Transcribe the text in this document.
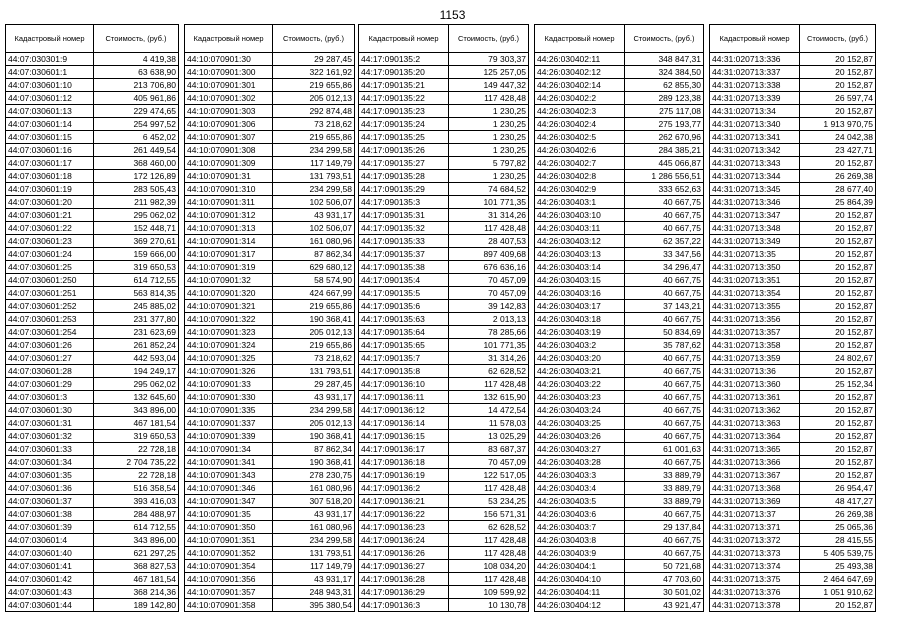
1153
Кадастровый номер	Стоимость, (руб.)
44:07:030301:9	4 419,38
44:07:030601:1	63 638,90
44:07:030601:10	213 706,80
44:07:030601:12	405 961,86
44:07:030601:13	229 474,65
44:07:030601:14	254 997,52
44:07:030601:15	6 452,02
44:07:030601:16	261 449,54
44:07:030601:17	368 460,00
44:07:030601:18	172 126,89
44:07:030601:19	283 505,43
44:07:030601:20	211 982,39
44:07:030601:21	295 062,02
44:07:030601:22	152 448,71
44:07:030601:23	369 270,61
44:07:030601:24	159 666,00
44:07:030601:25	319 650,53
44:07:030601:250	614 712,55
44:07:030601:251	563 814,35
44:07:030601:252	245 885,02
44:07:030601:253	231 377,80
44:07:030601:254	231 623,69
44:07:030601:26	261 852,24
44:07:030601:27	442 593,04
44:07:030601:28	194 249,17
44:07:030601:29	295 062,02
44:07:030601:3	132 645,60
44:07:030601:30	343 896,00
44:07:030601:31	467 181,54
44:07:030601:32	319 650,53
44:07:030601:33	22 728,18
44:07:030601:34	2 704 735,22
44:07:030601:35	22 728,18
44:07:030601:36	516 358,54
44:07:030601:37	393 416,03
44:07:030601:38	284 488,97
44:07:030601:39	614 712,55
44:07:030601:4	343 896,00
44:07:030601:40	621 297,25
44:07:030601:41	368 827,53
44:07:030601:42	467 181,54
44:07:030601:43	368 214,36
44:07:030601:44	189 142,80
Кадастровый номер	Стоимость, (руб.)
44:10:070901:30	29 287,45
44:10:070901:300	322 161,92
44:10:070901:301	219 655,86
44:10:070901:302	205 012,13
44:10:070901:303	292 874,48
44:10:070901:306	73 218,62
44:10:070901:307	219 655,86
44:10:070901:308	234 299,58
44:10:070901:309	117 149,79
44:10:070901:31	131 793,51
44:10:070901:310	234 299,58
44:10:070901:311	102 506,07
44:10:070901:312	43 931,17
44:10:070901:313	102 506,07
44:10:070901:314	161 080,96
44:10:070901:317	87 862,34
44:10:070901:319	629 680,12
44:10:070901:32	58 574,90
44:10:070901:320	424 667,99
44:10:070901:321	219 655,86
44:10:070901:322	190 368,41
44:10:070901:323	205 012,13
44:10:070901:324	219 655,86
44:10:070901:325	73 218,62
44:10:070901:326	131 793,51
44:10:070901:33	29 287,45
44:10:070901:330	43 931,17
44:10:070901:335	234 299,58
44:10:070901:337	205 012,13
44:10:070901:339	190 368,41
44:10:070901:34	87 862,34
44:10:070901:341	190 368,41
44:10:070901:343	278 230,75
44:10:070901:346	161 080,96
44:10:070901:347	307 518,20
44:10:070901:35	43 931,17
44:10:070901:350	161 080,96
44:10:070901:351	234 299,58
44:10:070901:352	131 793,51
44:10:070901:354	117 149,79
44:10:070901:356	43 931,17
44:10:070901:357	248 943,31
44:10:070901:358	395 380,54
Кадастровый номер	Стоимость, (руб.)
44:17:090135:2	79 303,37
44:17:090135:20	125 257,05
44:17:090135:21	149 447,32
44:17:090135:22	117 428,48
44:17:090135:23	1 230,25
44:17:090135:24	1 230,25
44:17:090135:25	1 230,25
44:17:090135:26	1 230,25
44:17:090135:27	5 797,82
44:17:090135:28	1 230,25
44:17:090135:29	74 684,52
44:17:090135:3	101 771,35
44:17:090135:31	31 314,26
44:17:090135:32	117 428,48
44:17:090135:33	28 407,53
44:17:090135:37	897 409,68
44:17:090135:38	676 636,16
44:17:090135:4	70 457,09
44:17:090135:5	70 457,09
44:17:090135:6	39 142,83
44:17:090135:63	2 013,13
44:17:090135:64	78 285,66
44:17:090135:65	101 771,35
44:17:090135:7	31 314,26
44:17:090135:8	62 628,52
44:17:090136:10	117 428,48
44:17:090136:11	132 615,90
44:17:090136:12	14 472,54
44:17:090136:14	11 578,03
44:17:090136:15	13 025,29
44:17:090136:17	83 687,37
44:17:090136:18	70 457,09
44:17:090136:19	122 517,05
44:17:090136:2	117 428,48
44:17:090136:21	53 234,25
44:17:090136:22	156 571,31
44:17:090136:23	62 628,52
44:17:090136:24	117 428,48
44:17:090136:26	117 428,48
44:17:090136:27	108 034,20
44:17:090136:28	117 428,48
44:17:090136:29	109 599,92
44:17:090136:3	10 130,78
Кадастровый номер	Стоимость, (руб.)
44:26:030402:11	348 847,31
44:26:030402:12	324 384,50
44:26:030402:14	62 855,30
44:26:030402:2	289 123,38
44:26:030402:3	275 117,08
44:26:030402:4	275 193,77
44:26:030402:5	262 670,96
44:26:030402:6	284 385,21
44:26:030402:7	445 066,87
44:26:030402:8	1 286 556,51
44:26:030402:9	333 652,63
44:26:030403:1	40 667,75
44:26:030403:10	40 667,75
44:26:030403:11	40 667,75
44:26:030403:12	62 357,22
44:26:030403:13	33 347,56
44:26:030403:14	34 296,47
44:26:030403:15	40 667,75
44:26:030403:16	40 667,75
44:26:030403:17	37 143,21
44:26:030403:18	40 667,75
44:26:030403:19	50 834,69
44:26:030403:2	35 787,62
44:26:030403:20	40 667,75
44:26:030403:21	40 667,75
44:26:030403:22	40 667,75
44:26:030403:23	40 667,75
44:26:030403:24	40 667,75
44:26:030403:25	40 667,75
44:26:030403:26	40 667,75
44:26:030403:27	61 001,63
44:26:030403:28	40 667,75
44:26:030403:3	33 889,79
44:26:030403:4	33 889,79
44:26:030403:5	33 889,79
44:26:030403:6	40 667,75
44:26:030403:7	29 137,84
44:26:030403:8	40 667,75
44:26:030403:9	40 667,75
44:26:030404:1	50 721,68
44:26:030404:10	47 703,60
44:26:030404:11	30 501,02
44:26:030404:12	43 921,47
Кадастровый номер	Стоимость, (руб.)
44:31:020713:336	20 152,87
44:31:020713:337	20 152,87
44:31:020713:338	20 152,87
44:31:020713:339	26 597,74
44:31:020713:34	20 152,87
44:31:020713:340	1 913 970,75
44:31:020713:341	24 042,38
44:31:020713:342	23 427,71
44:31:020713:343	20 152,87
44:31:020713:344	26 269,38
44:31:020713:345	28 677,40
44:31:020713:346	25 864,39
44:31:020713:347	20 152,87
44:31:020713:348	20 152,87
44:31:020713:349	20 152,87
44:31:020713:35	20 152,87
44:31:020713:350	20 152,87
44:31:020713:351	20 152,87
44:31:020713:354	20 152,87
44:31:020713:355	20 152,87
44:31:020713:356	20 152,87
44:31:020713:357	20 152,87
44:31:020713:358	20 152,87
44:31:020713:359	24 802,67
44:31:020713:36	20 152,87
44:31:020713:360	25 152,34
44:31:020713:361	20 152,87
44:31:020713:362	20 152,87
44:31:020713:363	20 152,87
44:31:020713:364	20 152,87
44:31:020713:365	20 152,87
44:31:020713:366	20 152,87
44:31:020713:367	20 152,87
44:31:020713:368	26 954,47
44:31:020713:369	48 417,27
44:31:020713:37	26 269,38
44:31:020713:371	25 065,36
44:31:020713:372	28 415,55
44:31:020713:373	5 405 539,75
44:31:020713:374	25 493,38
44:31:020713:375	2 464 647,69
44:31:020713:376	1 051 910,62
44:31:020713:378	20 152,87
